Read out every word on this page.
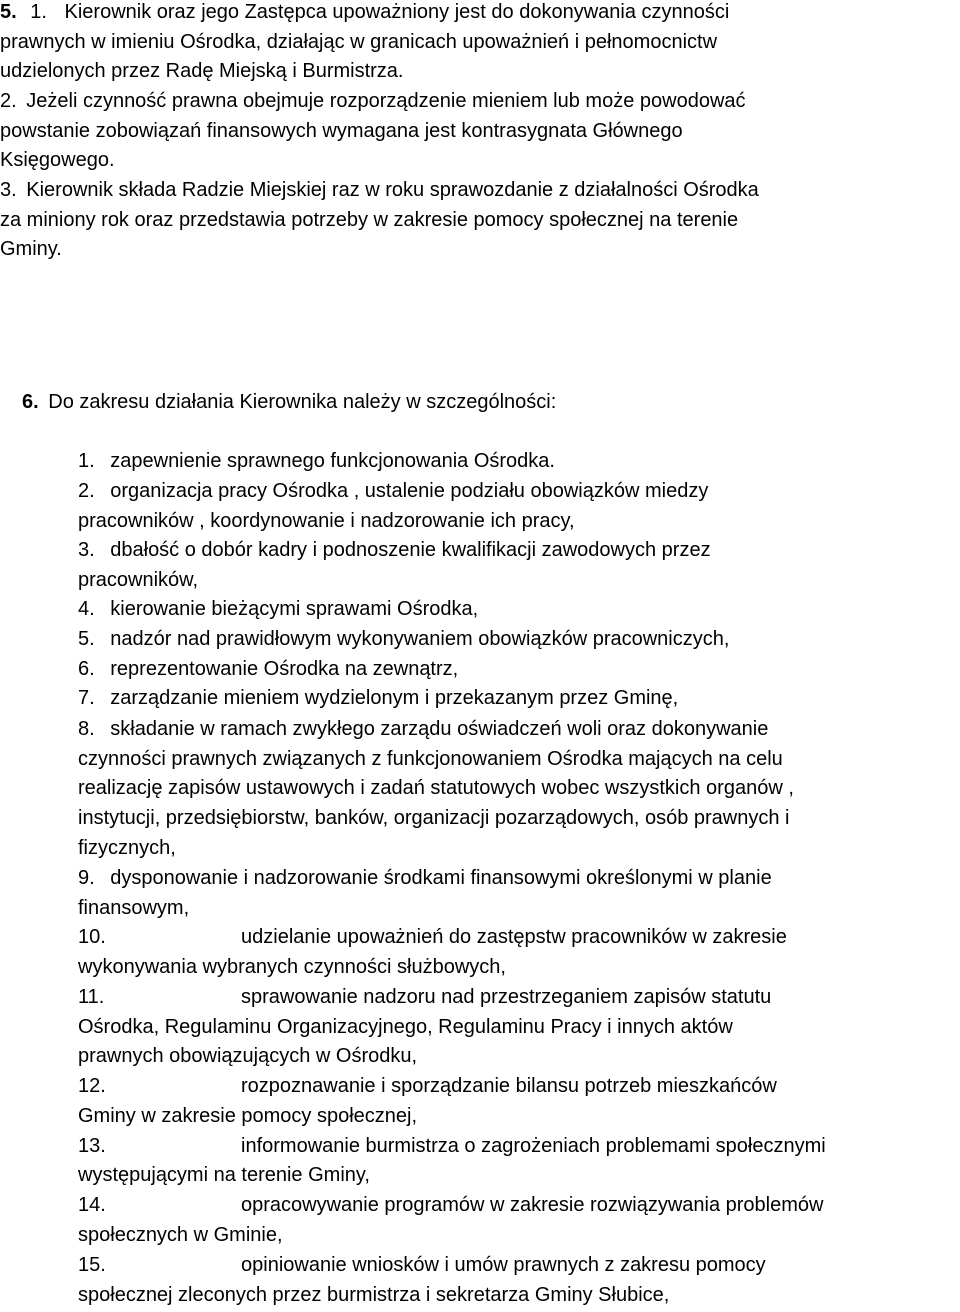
5. 1. Kierownik oraz jego Zastępca upoważniony jest do dokonywania czynności
prawnych w imieniu Ośrodka, działając w granicach upoważnień i pełnomocnictw
udzielonych przez Radę Miejską i Burmistrza.
2. Jeżeli czynność prawna obejmuje rozporządzenie mieniem lub może powodować
powstanie zobowiązań finansowych wymagana jest kontrasygnata Głównego
Księgowego.
3. Kierownik składa Radzie Miejskiej raz w roku sprawozdanie z działalności Ośrodka
za miniony rok oraz przedstawia potrzeby w zakresie pomocy społecznej na terenie
Gminy.
6. Do zakresu działania Kierownika należy w szczególności:
1. zapewnienie sprawnego funkcjonowania Ośrodka.
2. organizacja pracy Ośrodka , ustalenie podziału obowiązków miedzy
pracowników , koordynowanie i nadzorowanie ich pracy,
3. dbałość o dobór kadry i podnoszenie kwalifikacji zawodowych przez
pracowników,
4. kierowanie bieżącymi sprawami Ośrodka,
5. nadzór nad prawidłowym wykonywaniem obowiązków pracowniczych,
6. reprezentowanie Ośrodka na zewnątrz,
7. zarządzanie mieniem wydzielonym i przekazanym przez Gminę,
8. składanie w ramach zwykłego zarządu oświadczeń woli oraz dokonywanie
czynności prawnych związanych z funkcjonowaniem Ośrodka mających na celu
realizację zapisów ustawowych i zadań statutowych wobec wszystkich organów ,
instytucji, przedsiębiorstw, banków, organizacji pozarządowych, osób prawnych i
fizycznych,
9. dysponowanie i nadzorowanie środkami finansowymi określonymi w planie
finansowym,
10.	udzielanie upoważnień do zastępstw pracowników w zakresie
wykonywania wybranych czynności służbowych,
11.	sprawowanie nadzoru nad przestrzeganiem zapisów statutu
Ośrodka, Regulaminu Organizacyjnego, Regulaminu Pracy i innych aktów
prawnych obowiązujących w Ośrodku,
12.	rozpoznawanie i sporządzanie bilansu potrzeb mieszkańców
Gminy w zakresie pomocy społecznej,
13.	informowanie burmistrza o zagrożeniach problemami społecznymi
występującymi na terenie Gminy,
14.	opracowywanie programów w zakresie rozwiązywania problemów
społecznych w Gminie,
15.	opiniowanie wniosków i umów prawnych z zakresu pomocy
społecznej zleconych przez burmistrza i sekretarza Gminy Słubice,
